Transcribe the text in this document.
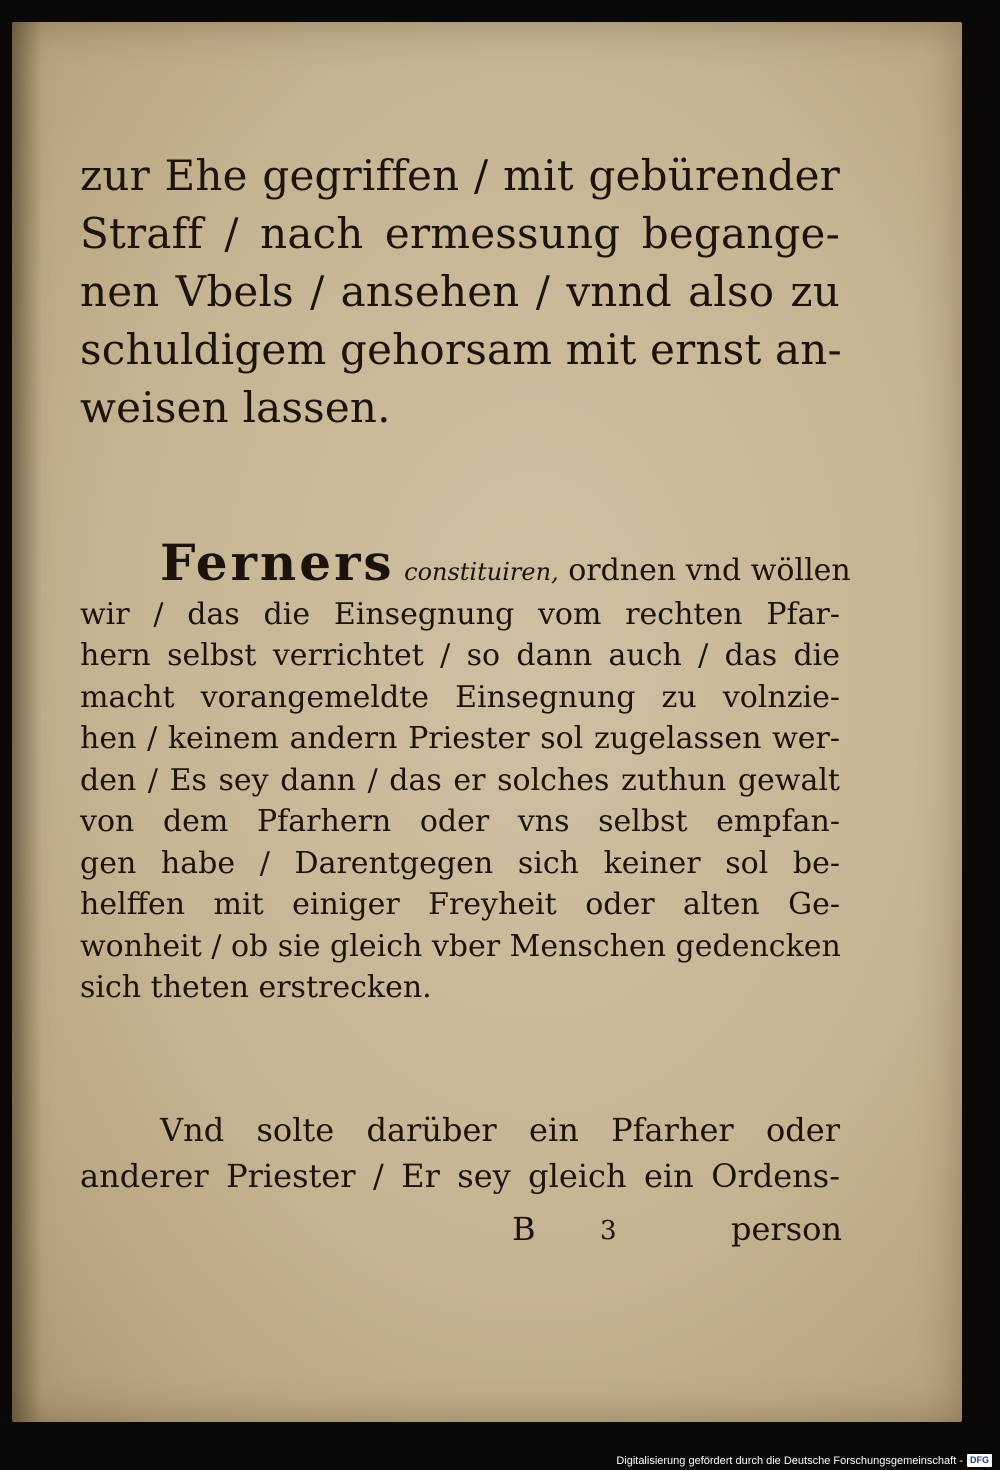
zur Ehe gegriffen / mit gebürender
Straff / nach ermessung begange-
nen Vbels / ansehen / vnnd also zu
schuldigem gehorsam mit ernst an-
weisen lassen.
Ferners constituiren, ordnen vnd wöllen
wir / das die Einsegnung vom rechten Pfar-
hern selbst verrichtet / so dann auch / das die
macht vorangemeldte Einsegnung zu volnzie-
hen / keinem andern Priester sol zugelassen wer-
den / Es sey dann / das er solches zuthun gewalt
von dem Pfarhern oder vns selbst empfan-
gen habe / Darentgegen sich keiner sol be-
helffen mit einiger Freyheit oder alten Ge-
wonheit / ob sie gleich vber Menschen gedencken
sich theten erstrecken.
Vnd solte darüber ein Pfarher oder
anderer Priester / Er sey gleich ein Ordens-
B 3	person
Digitalisierung gefördert durch die Deutsche Forschungsgemeinschaft - DFG
